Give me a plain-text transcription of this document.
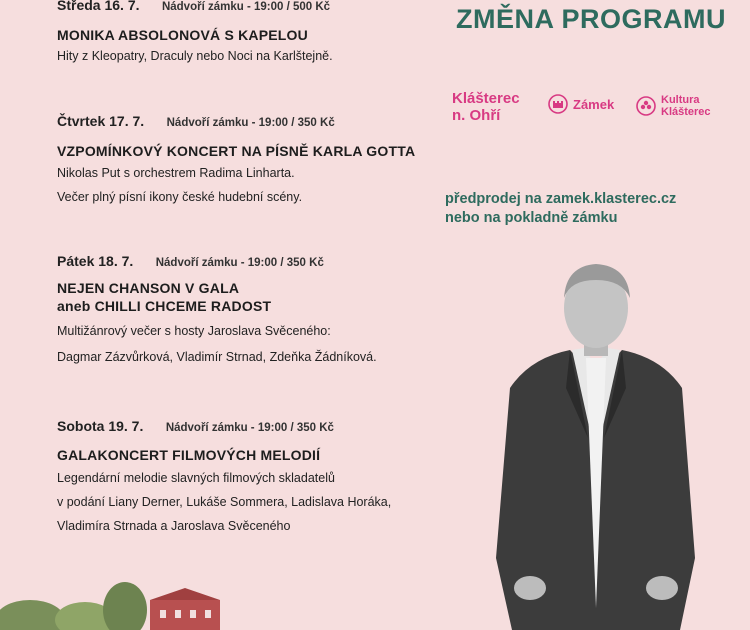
Středa 16. 7. Nádvoří zámku - 19:00 / 500 Kč
MONIKA ABSOLONOVÁ S KAPELOU
Hity z Kleopatry, Draculy nebo Noci na Karlštejně.
Čtvrtek 17. 7. Nádvoří zámku - 19:00 / 350 Kč
VZPOMÍNKOVÝ KONCERT NA PÍSNĚ KARLA GOTTA
Nikolas Put s orchestrem Radima Linharta.
Večer plný písní ikony české hudební scény.
Pátek 18. 7. Nádvoří zámku - 19:00 / 350 Kč
NEJEN CHANSON V GALA
aneb CHILLI CHCEME RADOST
Multižánrový večer s hosty Jaroslava Svěceného:
Dagmar Zázvůrková, Vladimír Strnad, Zdeňka Žádníková.
Sobota 19. 7. Nádvoří zámku - 19:00 / 350 Kč
GALAKONCERT FILMOVÝCH MELODIÍ
Legendární melodie slavných filmových skladatelů
v podání Liany Derner, Lukáše Sommera, Ladislava Horáka,
Vladimíra Strnada a Jaroslava Svěceného
ZMĚNA PROGRAMU
Klášterec
n. Ohří
Zámek	Kultura
Klášterec
předprodej na zamek.klasterec.cz
nebo na pokladně zámku
